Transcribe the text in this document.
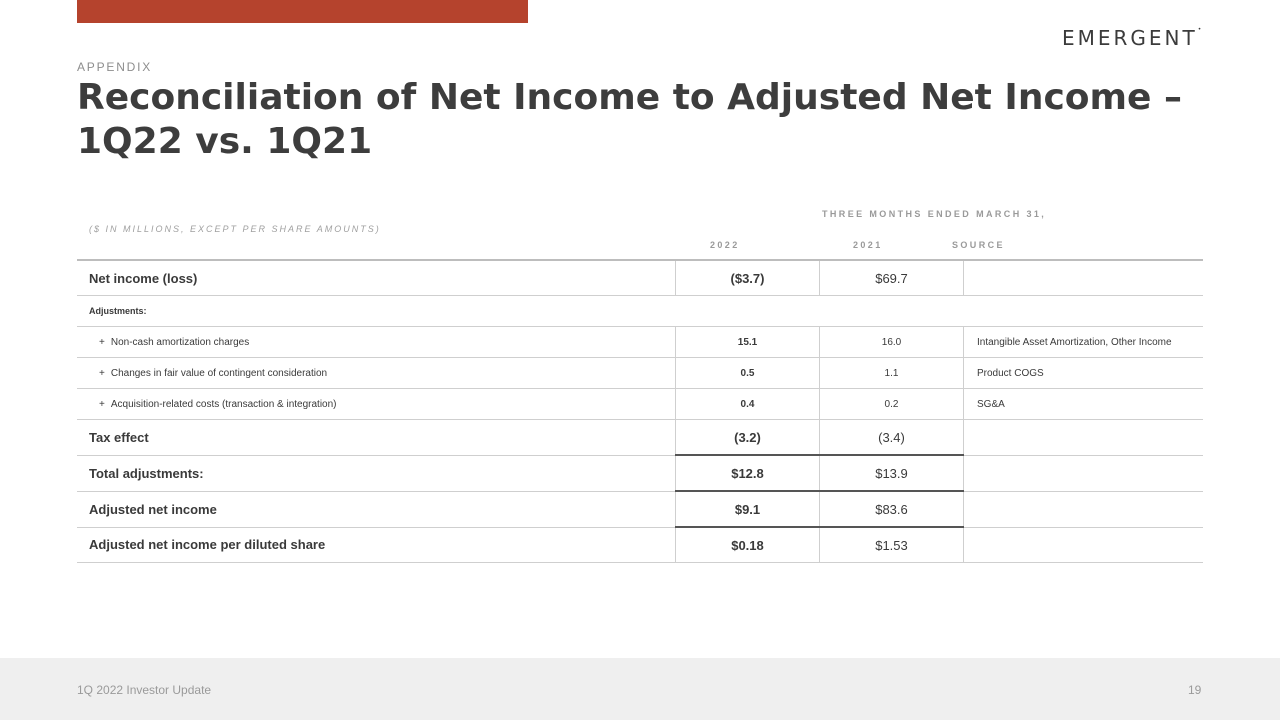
EMERGENT•
APPENDIX
Reconciliation of Net Income to Adjusted Net Income –
1Q22 vs. 1Q21
($ IN MILLIONS, EXCEPT PER SHARE AMOUNTS)
THREE MONTHS ENDED MARCH 31,
2022	2021	SOURCE
Net income (loss)	($3.7)	$69.7	
Adjustments:			
+ Non-cash amortization charges	15.1	16.0	Intangible Asset Amortization, Other Income
+ Changes in fair value of contingent consideration	0.5	1.1	Product COGS
+ Acquisition-related costs (transaction & integration)	0.4	0.2	SG&A
Tax effect	(3.2)	(3.4)	
Total adjustments:	$12.8	$13.9	
Adjusted net income	$9.1	$83.6	
Adjusted net income per diluted share	$0.18	$1.53	
1Q 2022 Investor Update	19
